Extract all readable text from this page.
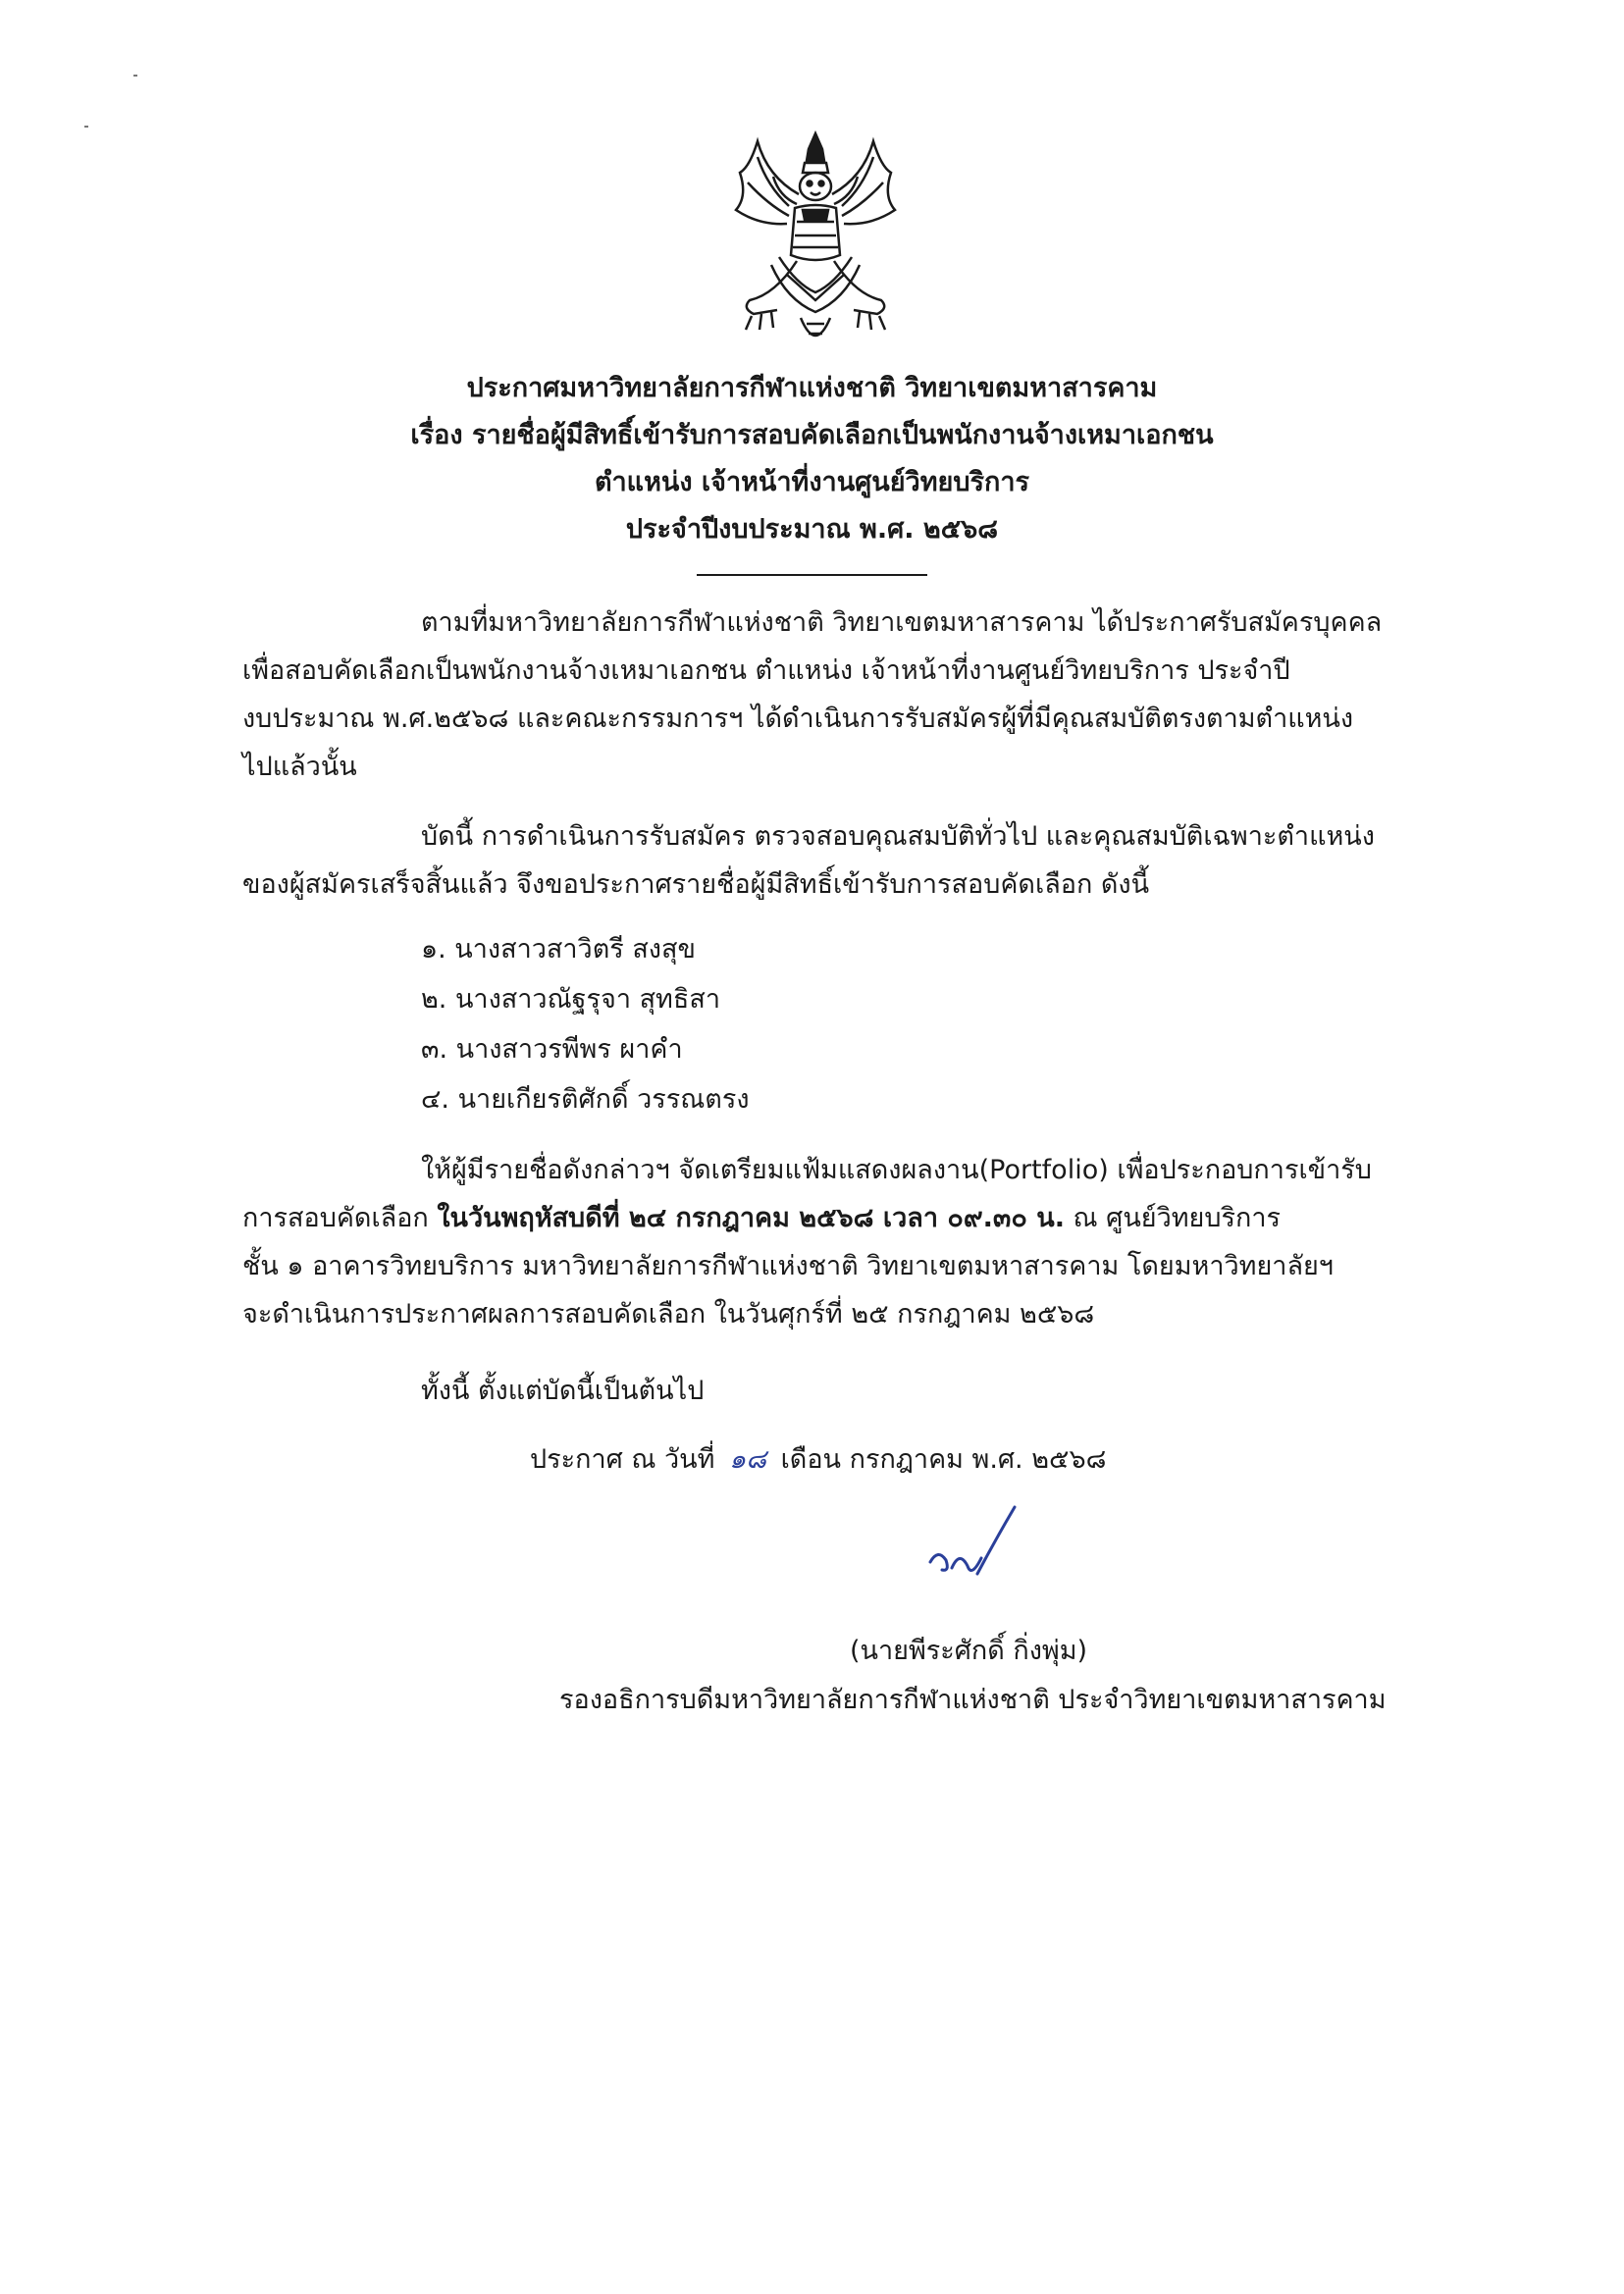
ประกาศมหาวิทยาลัยการกีฬาแห่งชาติ วิทยาเขตมหาสารคาม
เรื่อง รายชื่อผู้มีสิทธิ์เข้ารับการสอบคัดเลือกเป็นพนักงานจ้างเหมาเอกชน
ตำแหน่ง เจ้าหน้าที่งานศูนย์วิทยบริการ
ประจำปีงบประมาณ พ.ศ. ๒๕๖๘
ตามที่มหาวิทยาลัยการกีฬาแห่งชาติ วิทยาเขตมหาสารคาม ได้ประกาศรับสมัครบุคคล
เพื่อสอบคัดเลือกเป็นพนักงานจ้างเหมาเอกชน ตำแหน่ง เจ้าหน้าที่งานศูนย์วิทยบริการ ประจำปี
งบประมาณ พ.ศ.๒๕๖๘ และคณะกรรมการฯ ได้ดำเนินการรับสมัครผู้ที่มีคุณสมบัติตรงตามตำแหน่ง
ไปแล้วนั้น
บัดนี้ การดำเนินการรับสมัคร ตรวจสอบคุณสมบัติทั่วไป และคุณสมบัติเฉพาะตำแหน่ง
ของผู้สมัครเสร็จสิ้นแล้ว จึงขอประกาศรายชื่อผู้มีสิทธิ์เข้ารับการสอบคัดเลือก ดังนี้
๑. นางสาวสาวิตรี สงสุข
๒. นางสาวณัฐรุจา สุทธิสา
๓. นางสาวรพีพร ผาคำ
๔. นายเกียรติศักดิ์ วรรณตรง
ให้ผู้มีรายชื่อดังกล่าวฯ จัดเตรียมแฟ้มแสดงผลงาน(Portfolio) เพื่อประกอบการเข้ารับ
การสอบคัดเลือก ในวันพฤหัสบดีที่ ๒๔ กรกฎาคม ๒๕๖๘ เวลา ๐๙.๓๐ น. ณ ศูนย์วิทยบริการ
ชั้น ๑ อาคารวิทยบริการ มหาวิทยาลัยการกีฬาแห่งชาติ วิทยาเขตมหาสารคาม โดยมหาวิทยาลัยฯ
จะดำเนินการประกาศผลการสอบคัดเลือก ในวันศุกร์ที่ ๒๕ กรกฎาคม ๒๕๖๘
ทั้งนี้ ตั้งแต่บัดนี้เป็นต้นไป
ประกาศ ณ วันที่ ๑๘ เดือน กรกฎาคม พ.ศ. ๒๕๖๘
(นายพีระศักดิ์ กิ่งพุ่ม)
รองอธิการบดีมหาวิทยาลัยการกีฬาแห่งชาติ ประจำวิทยาเขตมหาสารคาม
